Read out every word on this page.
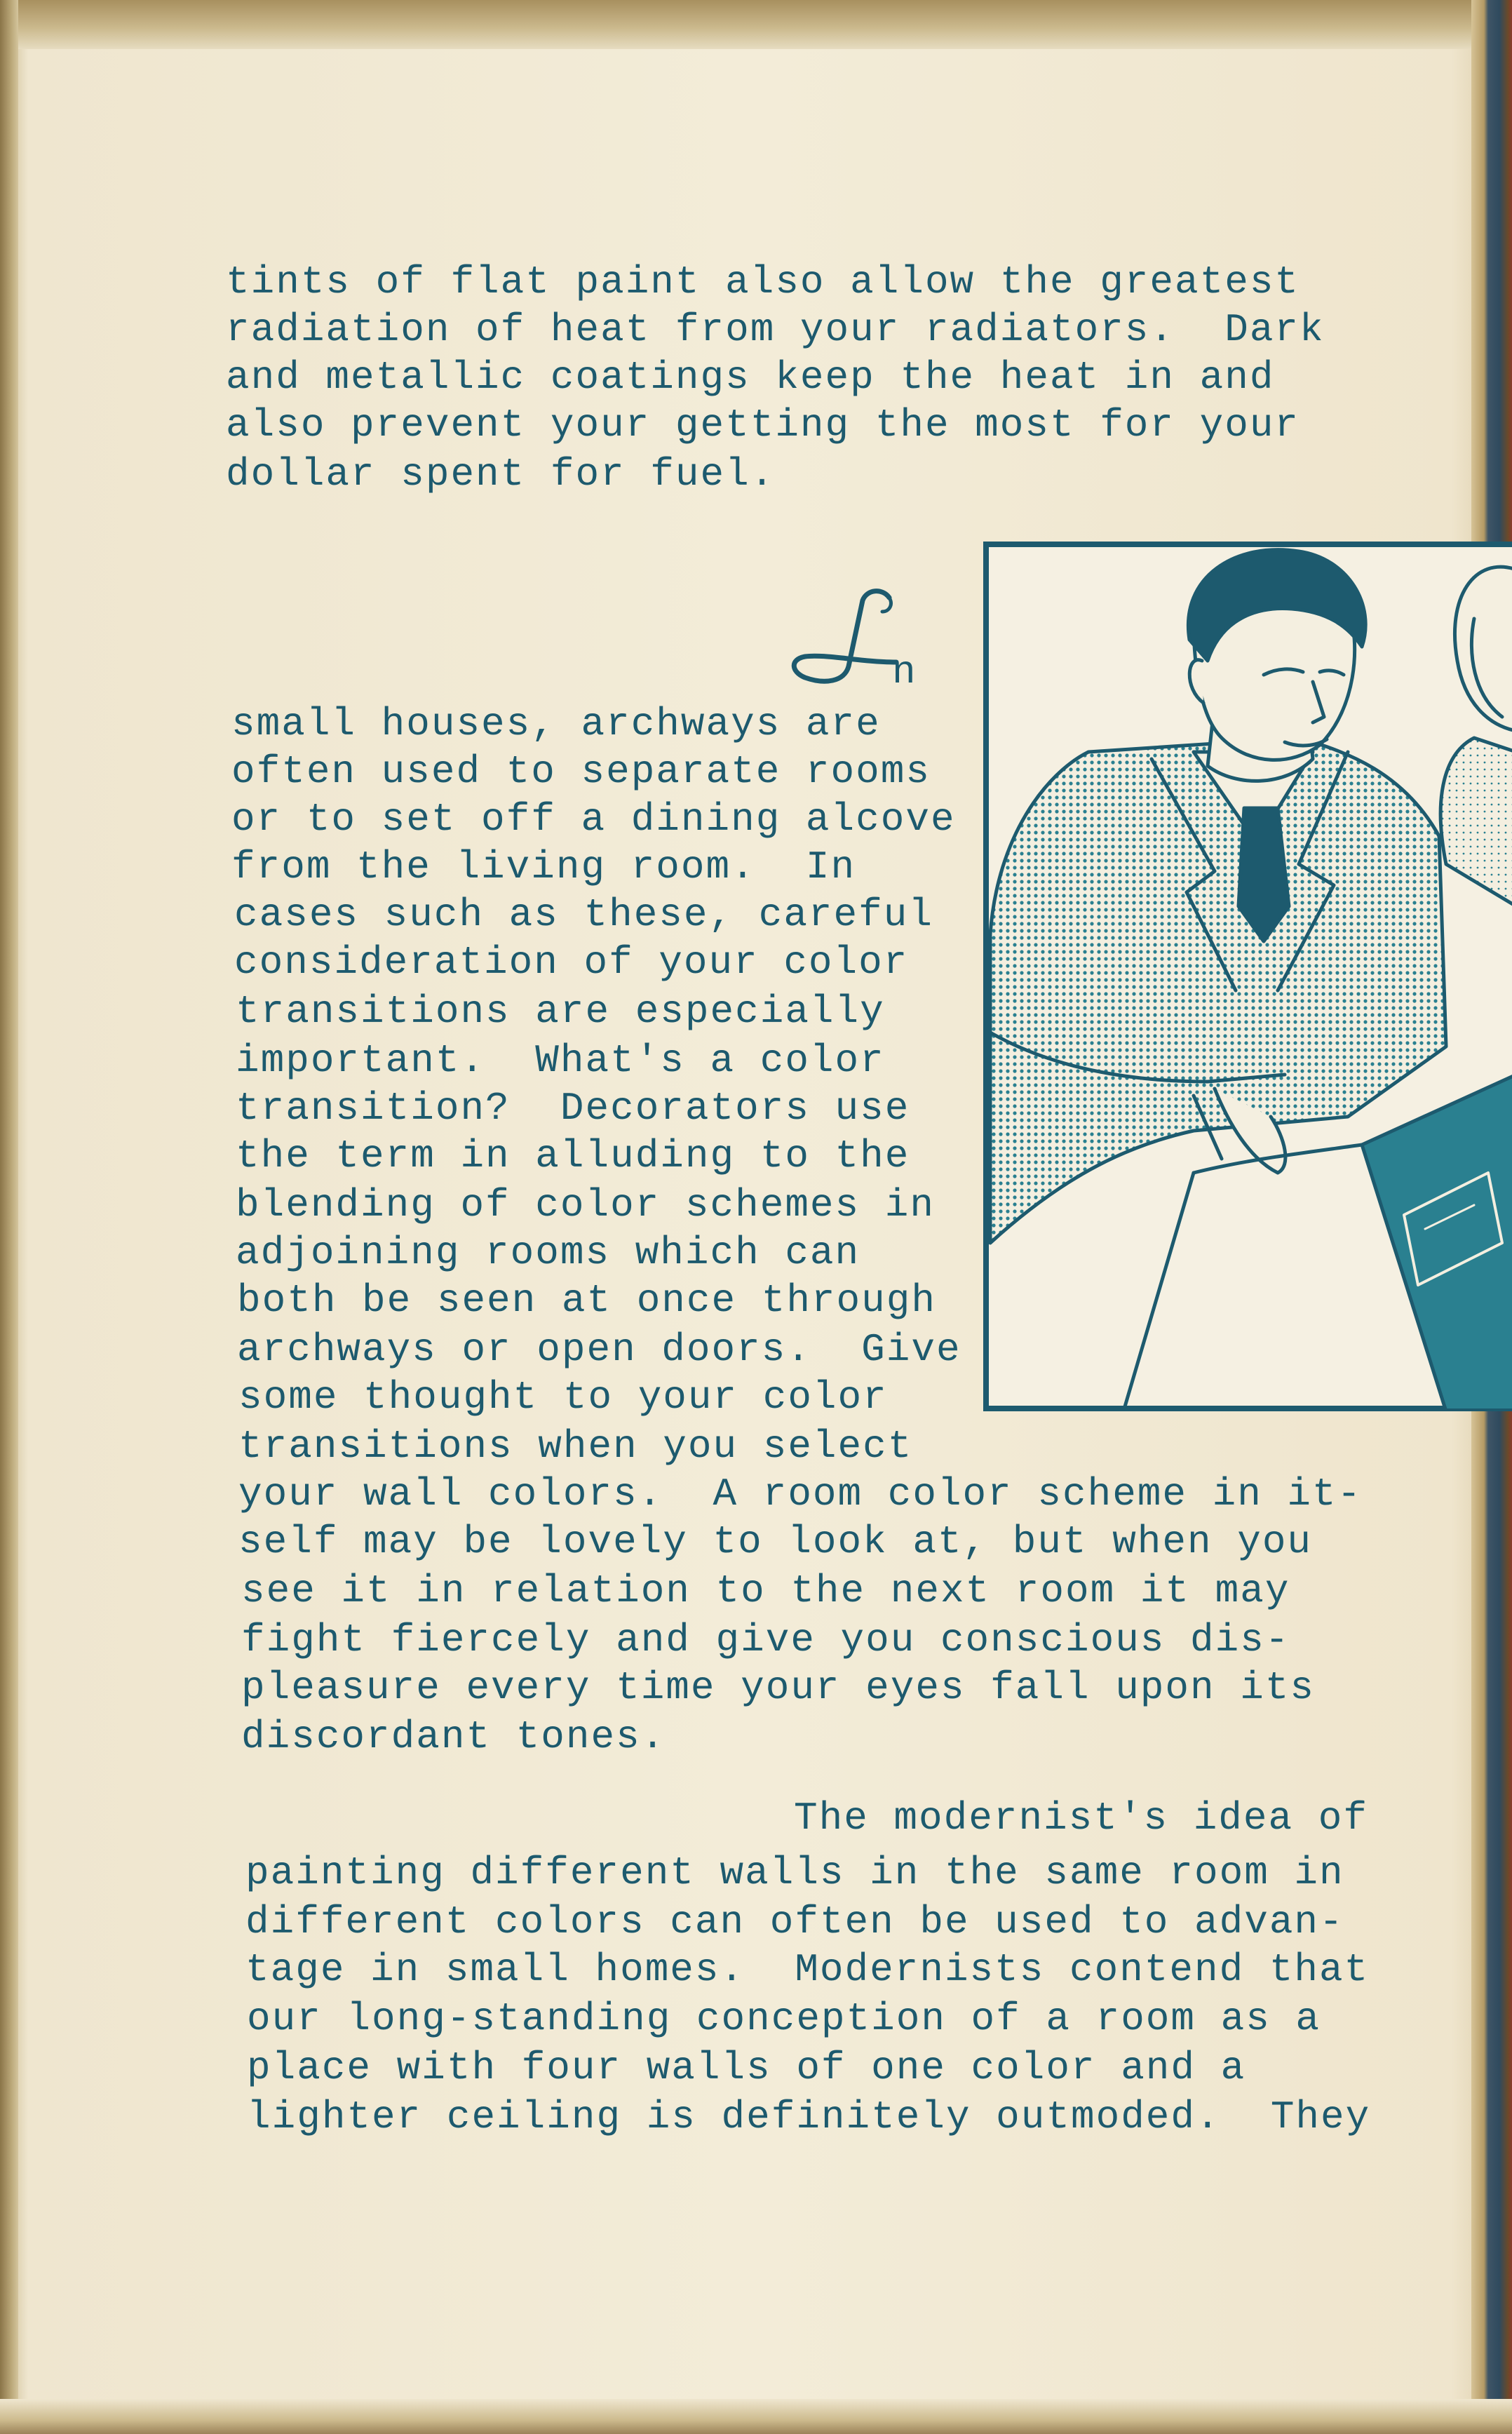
tints of flat paint also allow the greatest
radiation of heat from your radiators.  Dark
and metallic coatings keep the heat in and
also prevent your getting the most for your
dollar spent for fuel.
n
small houses, archways are
often used to separate rooms
or to set off a dining alcove
from the living room.  In
cases such as these, careful
consideration of your color
transitions are especially
important.  What's a color
transition?  Decorators use
the term in alluding to the
blending of color schemes in
adjoining rooms which can
both be seen at once through
archways or open doors.  Give
some thought to your color
transitions when you select
your wall colors.  A room color scheme in it-
self may be lovely to look at, but when you
see it in relation to the next room it may
fight fiercely and give you conscious dis-
pleasure every time your eyes fall upon its
discordant tones.
The modernist's idea of
painting different walls in the same room in
different colors can often be used to advan-
tage in small homes.  Modernists contend that
our long-standing conception of a room as a
place with four walls of one color and a
lighter ceiling is definitely outmoded.  They
